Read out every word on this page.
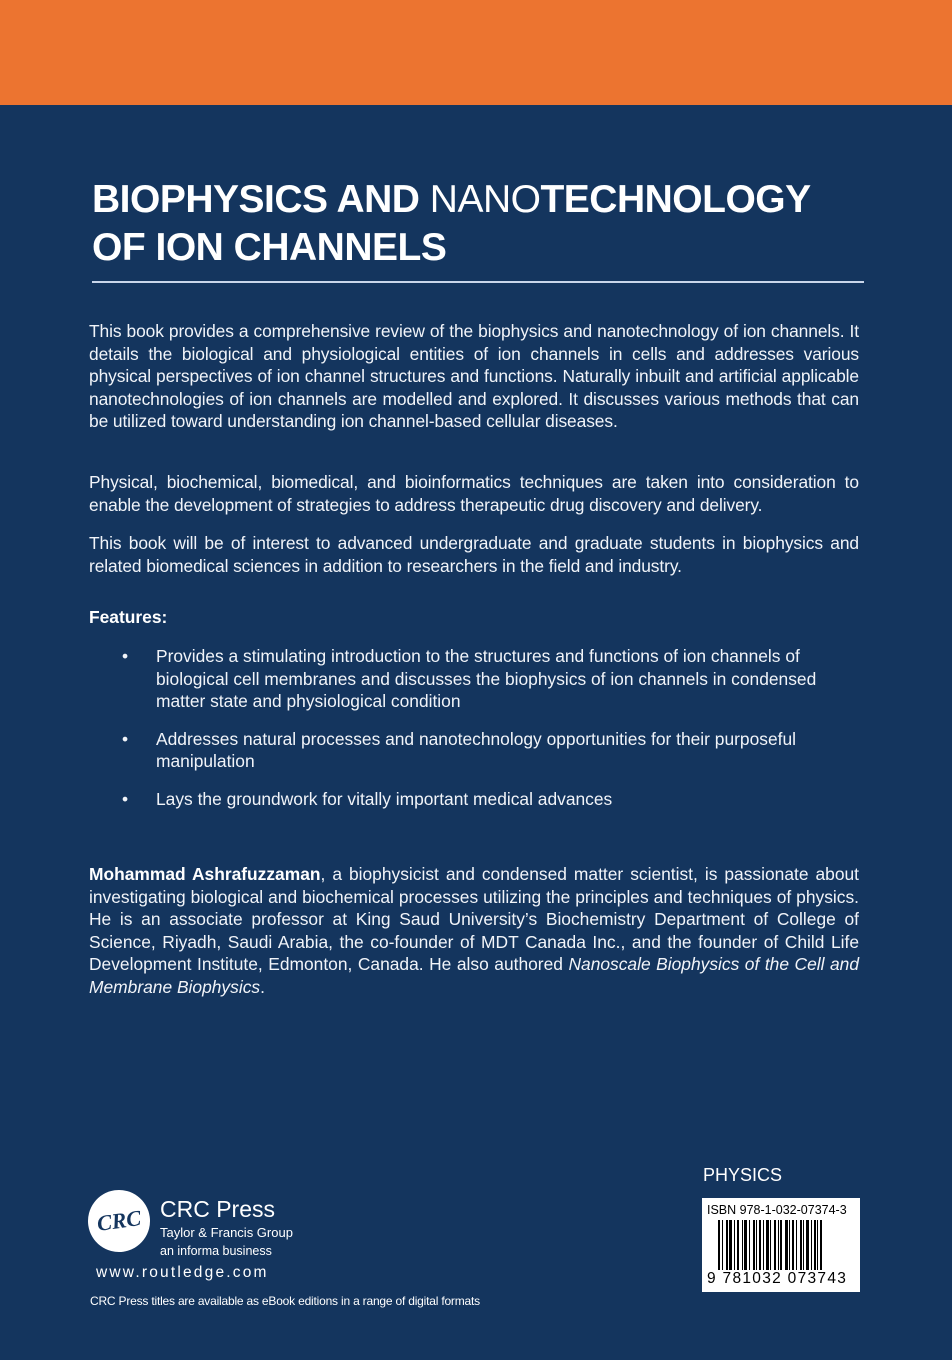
BIOPHYSICS AND NANOTECHNOLOGY
OF ION CHANNELS

This book provides a comprehensive review of the biophysics and nanotechnology of ion channels. It details the biological and physiological entities of ion channels in cells and addresses various physical perspectives of ion channel structures and functions. Naturally inbuilt and artificial applicable nanotechnologies of ion channels are modelled and explored. It discusses various methods that can be utilized toward understanding ion channel-based cellular diseases.

Physical, biochemical, biomedical, and bioinformatics techniques are taken into consideration to enable the development of strategies to address therapeutic drug discovery and delivery.

This book will be of interest to advanced undergraduate and graduate students in biophysics and related biomedical sciences in addition to researchers in the field and industry.

Features:
• Provides a stimulating introduction to the structures and functions of ion channels of biological cell membranes and discusses the biophysics of ion channels in condensed matter state and physiological condition
• Addresses natural processes and nanotechnology opportunities for their purposeful manipulation
• Lays the groundwork for vitally important medical advances

Mohammad Ashrafuzzaman, a biophysicist and condensed matter scientist, is passionate about investigating biological and biochemical processes utilizing the principles and techniques of physics. He is an associate professor at King Saud University’s Biochemistry Department of College of Science, Riyadh, Saudi Arabia, the co-founder of MDT Canada Inc., and the founder of Child Life Development Institute, Edmonton, Canada. He also authored Nanoscale Biophysics of the Cell and Membrane Biophysics.

CRC CRC Press
Taylor & Francis Group
an informa business
www.routledge.com
CRC Press titles are available as eBook editions in a range of digital formats
PHYSICS
ISBN 978-1-032-07374-3
9 781032 073743
